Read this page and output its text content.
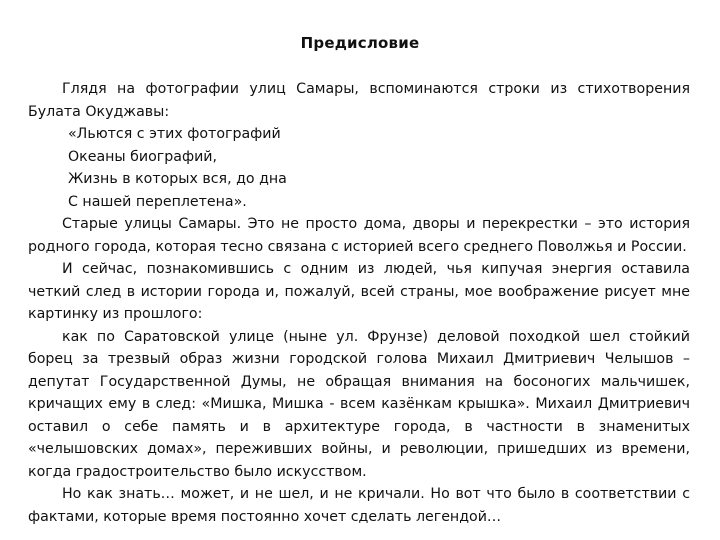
Предисловие

Глядя на фотографии улиц Самары, вспоминаются строки из стихотворения Булата Окуджавы:

«Льются с этих фотографий
Океаны биографий,
Жизнь в которых вся, до дна
С нашей переплетена».

Старые улицы Самары. Это не просто дома, дворы и перекрестки – это история родного города, которая тесно связана с историей всего среднего Поволжья и России.

И сейчас, познакомившись с одним из людей, чья кипучая энергия оставила четкий след в истории города и, пожалуй, всей страны, мое воображение рисует мне картинку из прошлого:

как по Саратовской улице (ныне ул. Фрунзе) деловой походкой шел стойкий борец за трезвый образ жизни городской голова Михаил Дмитриевич Челышов – депутат Государственной Думы, не обращая внимания на босоногих мальчишек, кричащих ему в след: «Мишка, Мишка - всем казёнкам крышка». Михаил Дмитриевич оставил о себе память и в архитектуре города, в частности в знаменитых «челышовских домах», переживших войны, и революции, пришедших из времени, когда градостроительство было искусством.

Но как знать… может, и не шел, и не кричали. Но вот что было в соответствии с фактами, которые время постоянно хочет сделать легендой…
